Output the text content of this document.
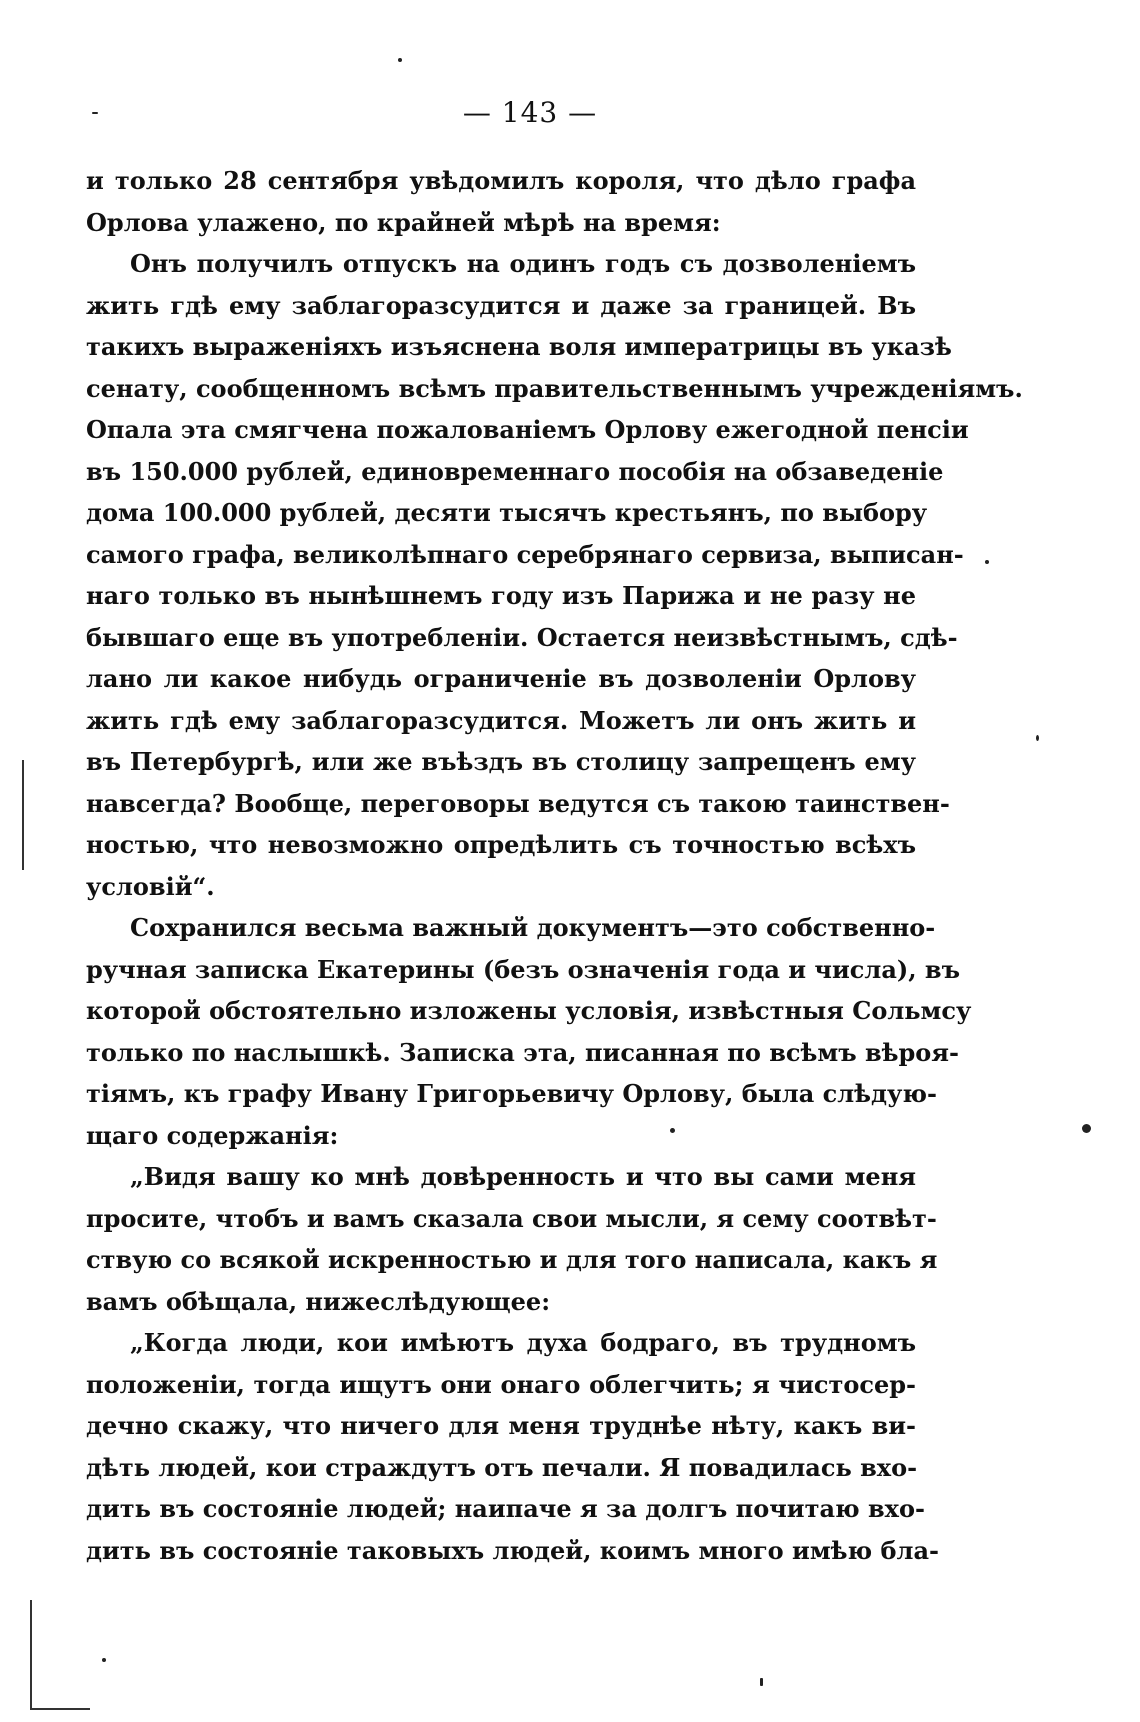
— 143 —
и только 28 сентября увѣдомилъ короля, что дѣло графа
Орлова улажено, по крайней мѣрѣ на время:
Онъ получилъ отпускъ на одинъ годъ съ дозволеніемъ
жить гдѣ ему заблагоразсудится и даже за границей. Въ
такихъ выраженіяхъ изъяснена воля императрицы въ указѣ
сенату, сообщенномъ всѣмъ правительственнымъ учрежденіямъ.
Опала эта смягчена пожалованіемъ Орлову ежегодной пенсіи
въ 150.000 рублей, единовременнаго пособія на обзаведеніе
дома 100.000 рублей, десяти тысячъ крестьянъ, по выбору
самого графа, великолѣпнаго серебрянаго сервиза, выписан-
наго только въ нынѣшнемъ году изъ Парижа и не разу не
бывшаго еще въ употребленіи. Остается неизвѣстнымъ, сдѣ-
лано ли какое нибудь ограниченіе въ дозволеніи Орлову
жить гдѣ ему заблагоразсудится. Можетъ ли онъ жить и
въ Петербургѣ, или же въѣздъ въ столицу запрещенъ ему
навсегда? Вообще, переговоры ведутся съ такою таинствен-
ностью, что невозможно опредѣлить съ точностью всѣхъ
условій“.
Сохранился весьма важный документъ—это собственно-
ручная записка Екатерины (безъ означенія года и числа), въ
которой обстоятельно изложены условія, извѣстныя Сольмсу
только по наслышкѣ. Записка эта, писанная по всѣмъ вѣроя-
тіямъ, къ графу Ивану Григорьевичу Орлову, была слѣдую-
щаго содержанія:
„Видя вашу ко мнѣ довѣренность и что вы сами меня
просите, чтобъ и вамъ сказала свои мысли, я сему соотвѣт-
ствую со всякой искренностью и для того написала, какъ я
вамъ обѣщала, нижеслѣдующее:
„Когда люди, кои имѣютъ духа бодраго, въ трудномъ
положеніи, тогда ищутъ они онаго облегчить; я чистосер-
дечно скажу, что ничего для меня труднѣе нѣту, какъ ви-
дѣть людей, кои страждутъ отъ печали. Я повадилась вхо-
дить въ состояніе людей; наипаче я за долгъ почитаю вхо-
дить въ состояніе таковыхъ людей, коимъ много имѣю бла-
